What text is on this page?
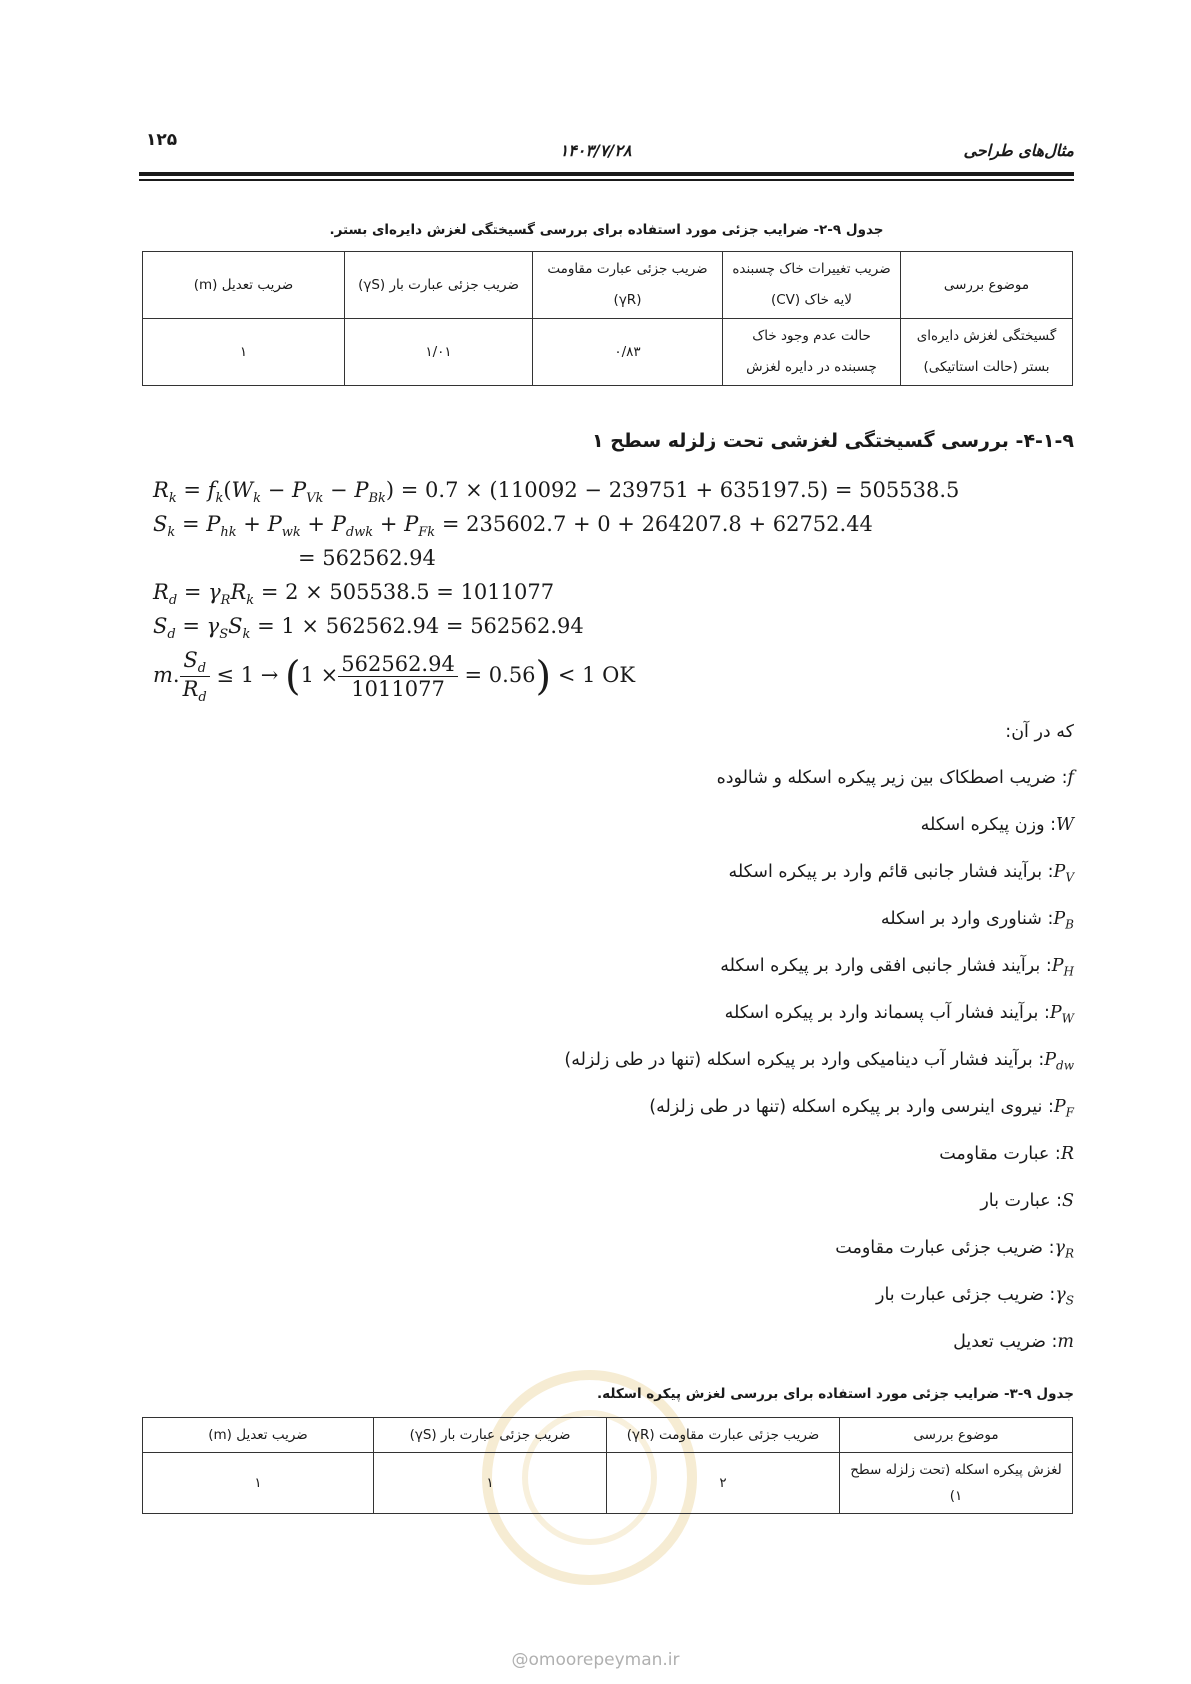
۱۲۵
۱۴۰۳/۷/۲۸	مثال‌های طراحی
جدول ۹-۲- ضرایب جزئی مورد استفاده برای بررسی گسیختگی لغزش دایره‌ای بستر.
موضوع بررسی	ضریب تغییرات خاک چسبنده لایه خاک (CV)	ضریب جزئی عبارت مقاومت (γR)	ضریب جزئی عبارت بار (γS)	ضریب تعدیل (m)
گسیختگی لغزش دایره‌ای بستر (حالت استاتیکی)	حالت عدم وجود خاک چسبنده در دایره لغزش	۰/۸۳	۱/۰۱	۱
۴-۱-۹- بررسی گسیختگی لغزشی تحت زلزله سطح ۱
$R_k = f_k(W_k - P_{Vk} - P_{Bk}) = 0.7 \times (110092 - 239751 + 635197.5) = 505538.5$
$S_k = P_{hk} + P_{wk} + P_{dwk} + P_{Fk} = 235602.7 + 0 + 264207.8 + 62752.44$
= 562562.94
$R_d = \gamma_RR_k = 2 \times 505538.5 = 1011077$
$S_d = \gamma_SS_k = 1 \times 562562.94 = 562562.94$
m. $\frac{S_d}{R_d} \le 1 \to (1 \times \frac{562562.94}{1011077} = 0.56) < 1$ OK
که در آن:
f: ضریب اصطکاک بین زیر پیکره اسکله و شالوده
W: وزن پیکره اسکله
$P_V$: برآیند فشار جانبی قائم وارد بر پیکره اسکله
$P_B$: شناوری وارد بر اسکله
$P_H$: برآیند فشار جانبی افقی وارد بر پیکره اسکله
$P_W$: برآیند فشار آب پسماند وارد بر پیکره اسکله
$P_{dw}$: برآیند فشار آب دینامیکی وارد بر پیکره اسکله (تنها در طی زلزله)
$P_F$: نیروی اینرسی وارد بر پیکره اسکله (تنها در طی زلزله)
R: عبارت مقاومت
S: عبارت بار
$\gamma_R$: ضریب جزئی عبارت مقاومت
$\gamma_S$: ضریب جزئی عبارت بار
m: ضریب تعدیل
جدول ۹-۳- ضرایب جزئی مورد استفاده برای بررسی لغزش پیکره اسکله.
موضوع بررسی	ضریب جزئی عبارت مقاومت (γR)	ضریب جزئی عبارت بار (γS)	ضریب تعدیل (m)
لغزش پیکره اسکله (تحت زلزله سطح ۱)	۲	۱	۱
@omoorepeyman.ir
